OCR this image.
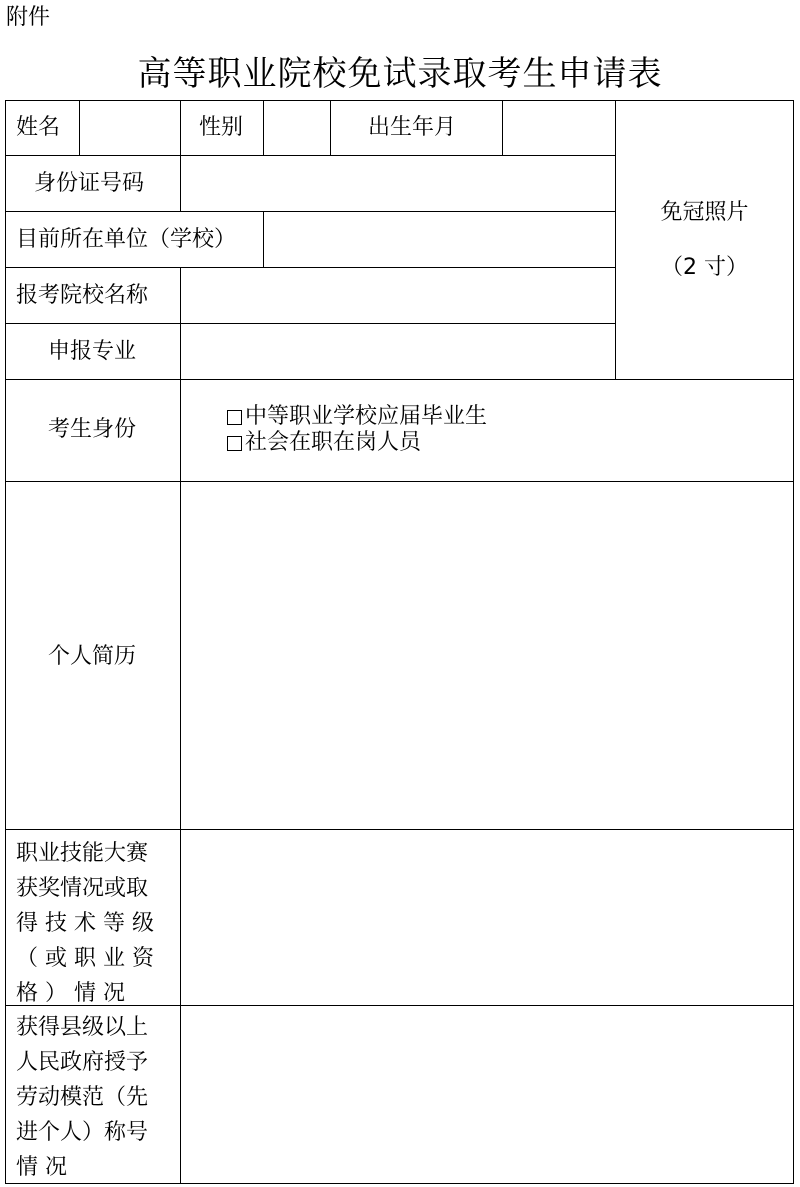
附件
高等职业院校免试录取考生申请表
姓名	性别	出生年月
身份证号码
目前所在单位（学校）
报考院校名称
申报专业
免冠照片
（2 寸）
考生身份
中等职业学校应届毕业生
社会在职在岗人员
个人简历
职业技能大赛
获奖情况或取
得 技 术 等 级
（ 或 职 业 资
格 ） 情 况
获得县级以上
人民政府授予
劳动模范（先
进个人）称号
情 况
